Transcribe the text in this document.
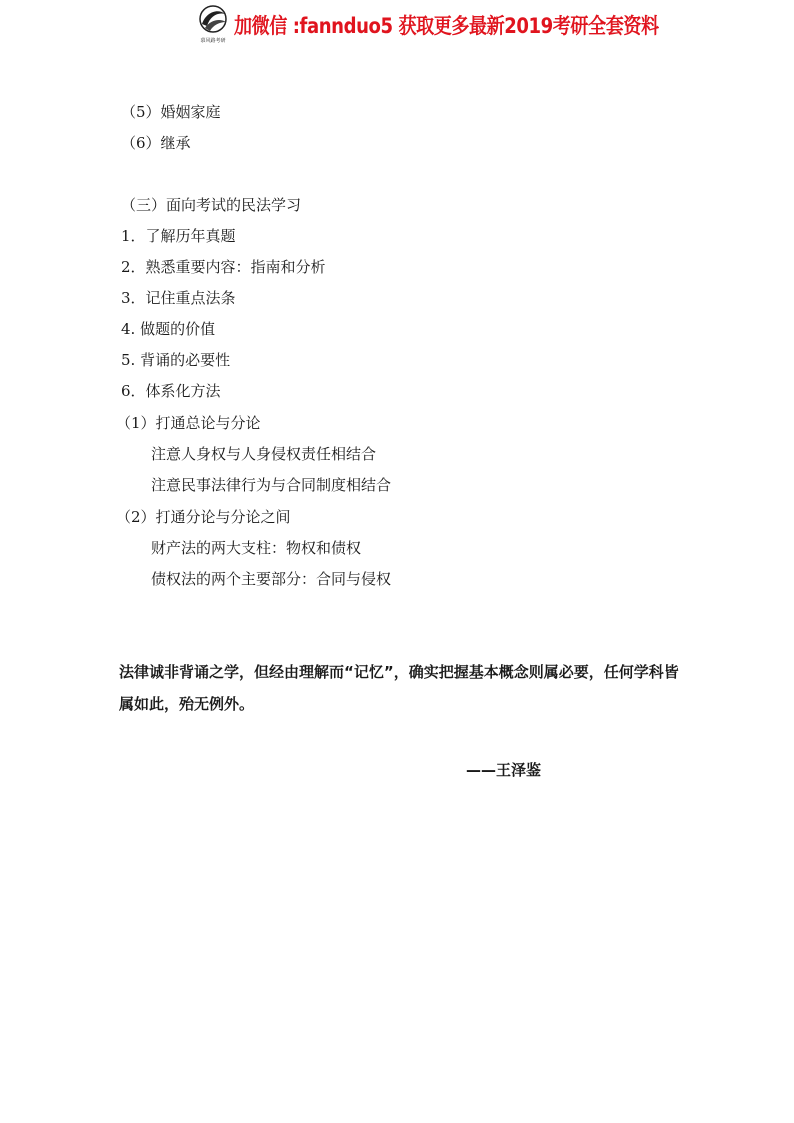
慕风路考研
加微信 :fannduo5 获取更多最新2019考研全套资料
（5）婚姻家庭
（6）继承
（三）面向考试的民法学习
1．了解历年真题
2．熟悉重要内容：指南和分析
3．记住重点法条
4. 做题的价值
5. 背诵的必要性
6．体系化方法
（1）打通总论与分论
注意人身权与人身侵权责任相结合
注意民事法律行为与合同制度相结合
（2）打通分论与分论之间
财产法的两大支柱：物权和债权
债权法的两个主要部分：合同与侵权
法律诚非背诵之学，但经由理解而“记忆”，确实把握基本概念则属必要，任何学科皆属如此，殆无例外。
——王泽鉴
